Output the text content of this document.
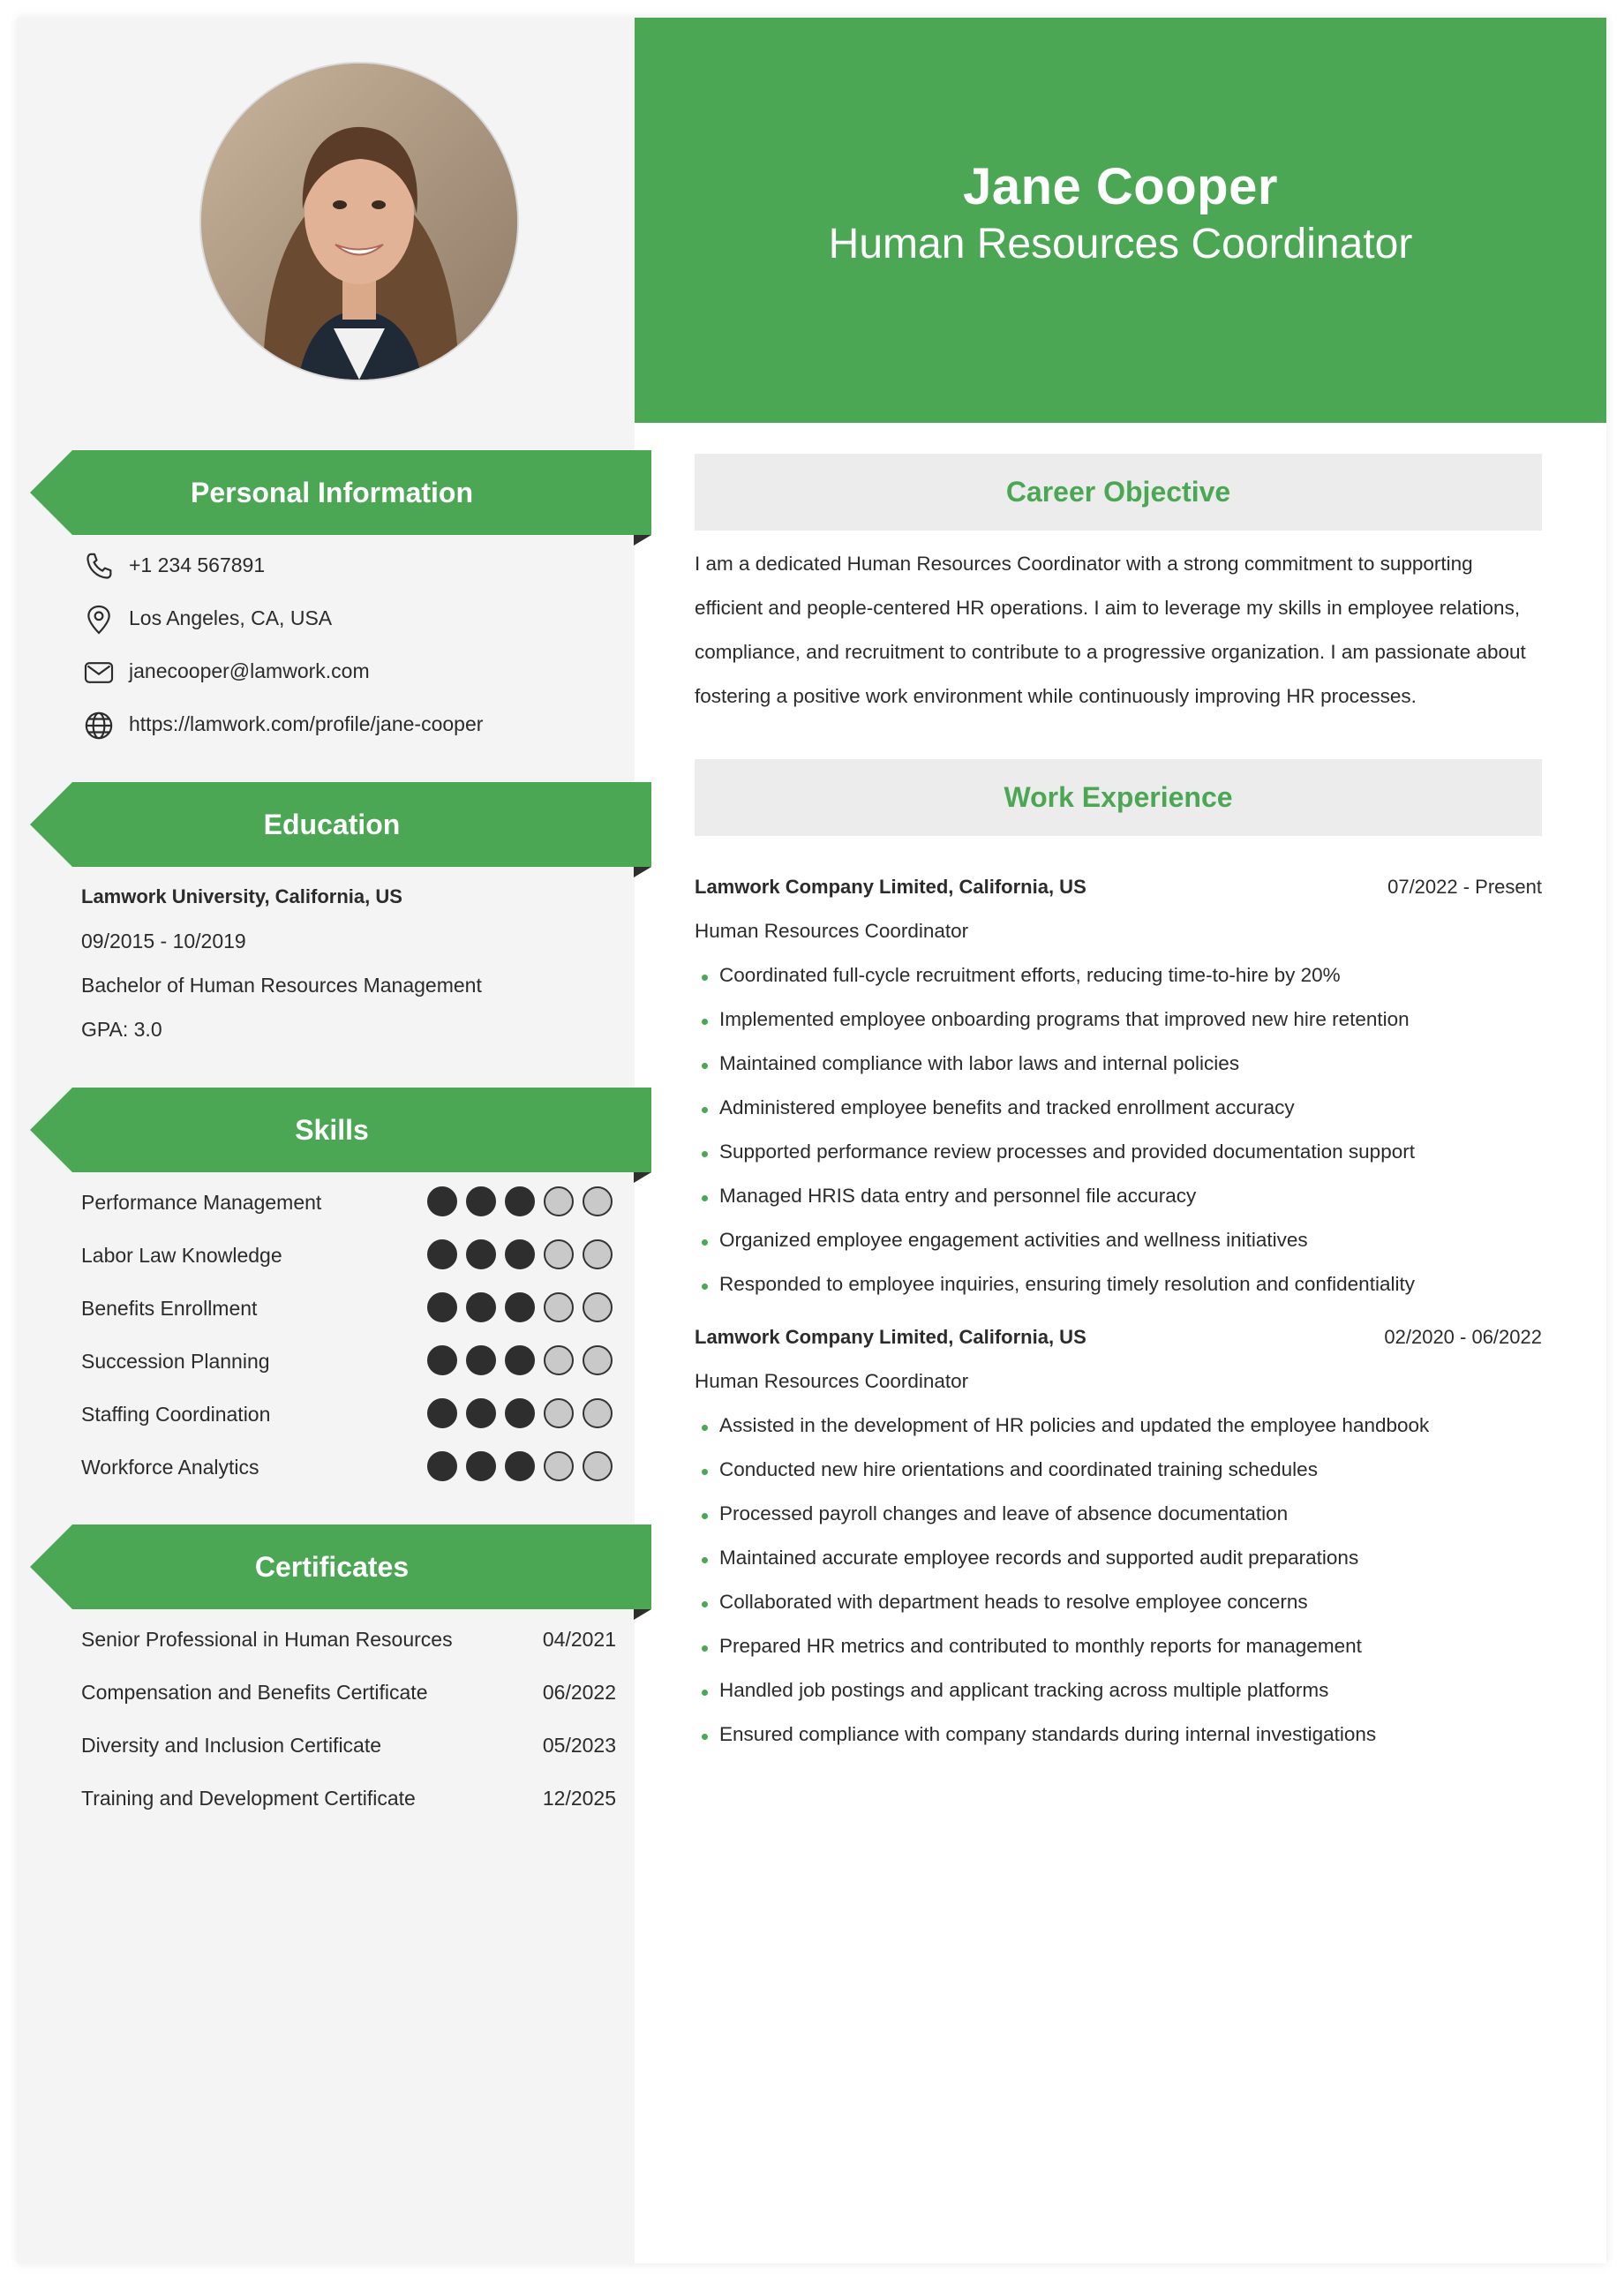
Personal Information
+1 234 567891
Los Angeles, CA, USA
janecooper@lamwork.com
https://lamwork.com/profile/jane-cooper
Education
Lamwork University, California, US
09/2015 - 10/2019
Bachelor of Human Resources Management
GPA: 3.0
Skills
Performance Management
Labor Law Knowledge
Benefits Enrollment
Succession Planning
Staffing Coordination
Workforce Analytics
Certificates
Senior Professional in Human Resources	04/2021
Compensation and Benefits Certificate	06/2022
Diversity and Inclusion Certificate	05/2023
Training and Development Certificate	12/2025
Jane Cooper
Human Resources Coordinator
Career Objective
I am a dedicated Human Resources Coordinator with a strong commitment to supporting efficient and people-centered HR operations. I aim to leverage my skills in employee relations, compliance, and recruitment to contribute to a progressive organization. I am passionate about fostering a positive work environment while continuously improving HR processes.
Work Experience
Lamwork Company Limited, California, US	07/2022 - Present
Human Resources Coordinator
Coordinated full-cycle recruitment efforts, reducing time-to-hire by 20%
Implemented employee onboarding programs that improved new hire retention
Maintained compliance with labor laws and internal policies
Administered employee benefits and tracked enrollment accuracy
Supported performance review processes and provided documentation support
Managed HRIS data entry and personnel file accuracy
Organized employee engagement activities and wellness initiatives
Responded to employee inquiries, ensuring timely resolution and confidentiality
Lamwork Company Limited, California, US	02/2020 - 06/2022
Human Resources Coordinator
Assisted in the development of HR policies and updated the employee handbook
Conducted new hire orientations and coordinated training schedules
Processed payroll changes and leave of absence documentation
Maintained accurate employee records and supported audit preparations
Collaborated with department heads to resolve employee concerns
Prepared HR metrics and contributed to monthly reports for management
Handled job postings and applicant tracking across multiple platforms
Ensured compliance with company standards during internal investigations
